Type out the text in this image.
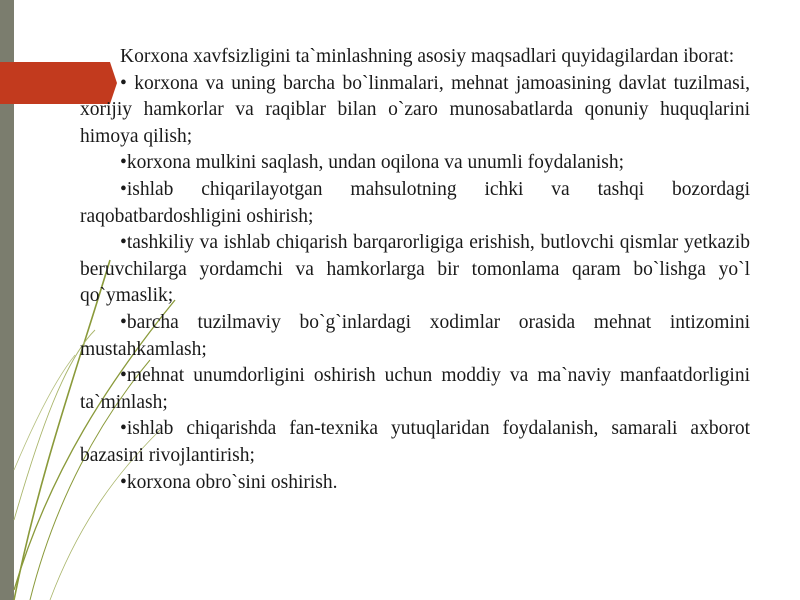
Korxona xavfsizligini ta`minlashning asosiy maqsadlari quyidagilardan iborat:

• korxona va uning barcha bo`linmalari, mehnat jamoasining davlat tuzilmasi, xorijiy hamkorlar va raqiblar bilan o`zaro munosabatlarda qonuniy huquqlarini himoya qilish;

•korxona mulkini saqlash, undan oqilona va unumli foydalanish;

•ishlab chiqarilayotgan mahsulotning ichki va tashqi bozordagi raqobatbardoshligini oshirish;

•tashkiliy va ishlab chiqarish barqarorligiga erishish, butlovchi qismlar yetkazib beruvchilarga yordamchi va hamkorlarga bir tomonlama qaram bo`lishga yo`l qo`ymaslik;

•barcha tuzilmaviy bo`g`inlardagi xodimlar orasida mehnat intizomini mustahkamlash;

•mehnat unumdorligini oshirish uchun moddiy va ma`naviy manfaatdorligini ta`minlash;

•ishlab chiqarishda fan-texnika yutuqlaridan foydalanish, samarali axborot bazasini rivojlantirish;

•korxona obro`sini oshirish.
